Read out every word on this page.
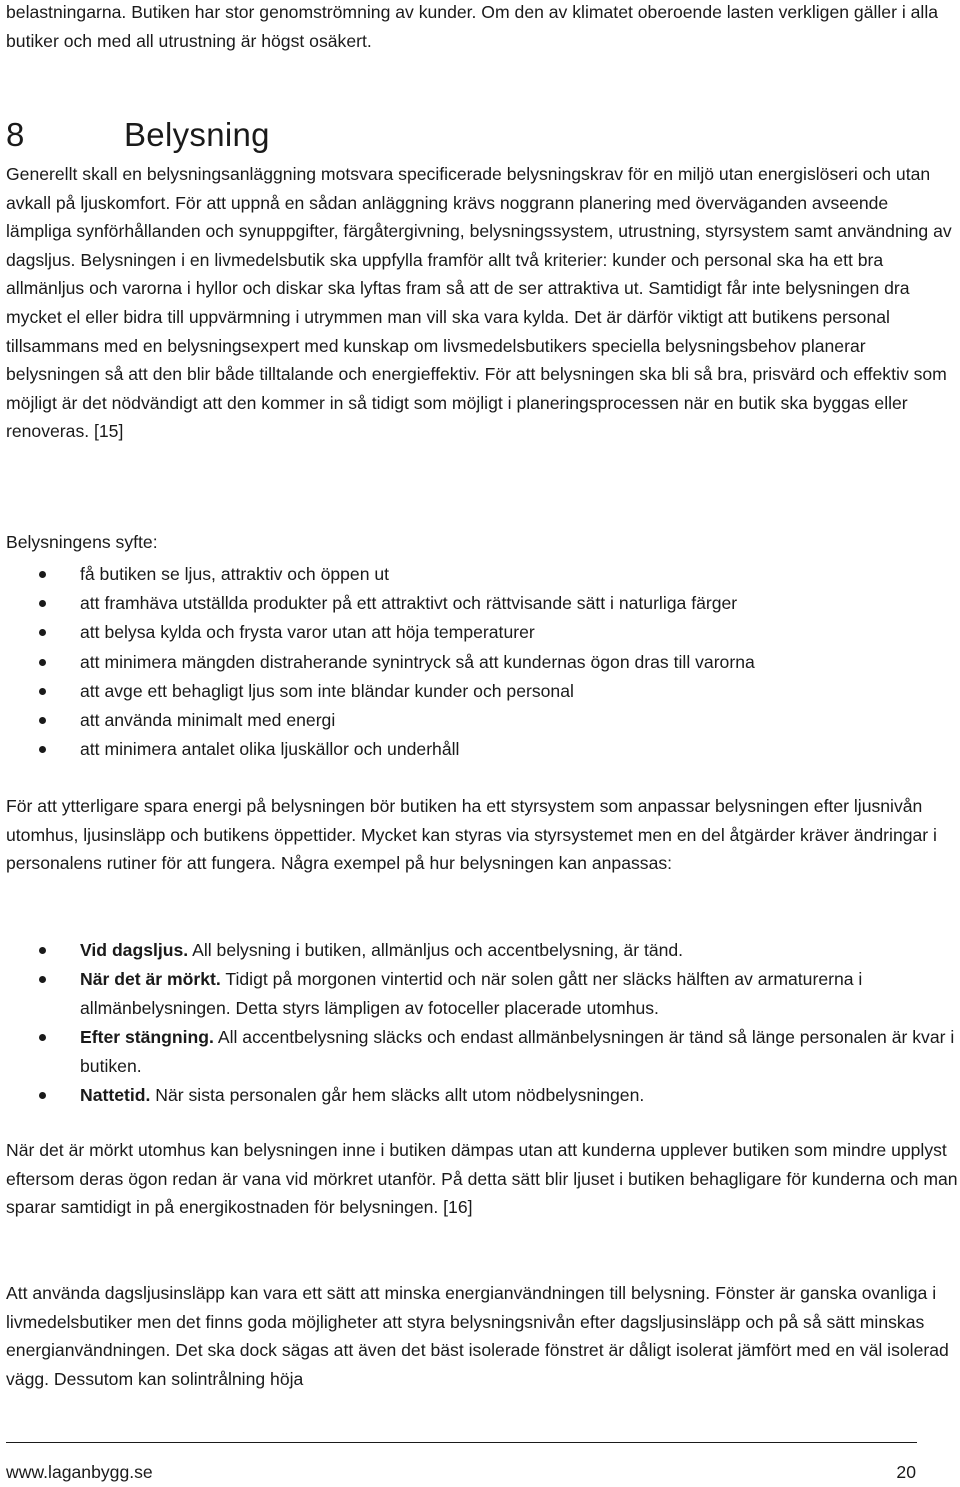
belastningarna. Butiken har stor genomströmning av kunder. Om den av klimatet oberoende lasten verkligen gäller i alla butiker och med all utrustning är högst osäkert.
8	Belysning
Generellt skall en belysningsanläggning motsvara specificerade belysningskrav för en miljö utan energislöseri och utan avkall på ljuskomfort. För att uppnå en sådan anläggning krävs noggrann planering med överväganden avseende lämpliga synförhållanden och synuppgifter, färgåtergivning, belysningssystem, utrustning, styrsystem samt användning av dagsljus. Belysningen i en livmedelsbutik ska uppfylla framför allt två kriterier: kunder och personal ska ha ett bra allmänljus och varorna i hyllor och diskar ska lyftas fram så att de ser attraktiva ut. Samtidigt får inte belysningen dra mycket el eller bidra till uppvärmning i utrymmen man vill ska vara kylda. Det är därför viktigt att butikens personal tillsammans med en belysningsexpert med kunskap om livsmedelsbutikers speciella belysningsbehov planerar belysningen så att den blir både tilltalande och energieffektiv. För att belysningen ska bli så bra, prisvärd och effektiv som möjligt är det nödvändigt att den kommer in så tidigt som möjligt i planeringsprocessen när en butik ska byggas eller renoveras. [15]
Belysningens syfte:
få butiken se ljus, attraktiv och öppen ut
att framhäva utställda produkter på ett attraktivt och rättvisande sätt i naturliga färger
att belysa kylda och frysta varor utan att höja temperaturer
att minimera mängden distraherande synintryck så att kundernas ögon dras till varorna
att avge ett behagligt ljus som inte bländar kunder och personal
att använda minimalt med energi
att minimera antalet olika ljuskällor och underhåll
För att ytterligare spara energi på belysningen bör butiken ha ett styrsystem som anpassar belysningen efter ljusnivån utomhus, ljusinsläpp och butikens öppettider. Mycket kan styras via styrsystemet men en del åtgärder kräver ändringar i personalens rutiner för att fungera. Några exempel på hur belysningen kan anpassas:
Vid dagsljus. All belysning i butiken, allmänljus och accentbelysning, är tänd.
När det är mörkt. Tidigt på morgonen vintertid och när solen gått ner släcks hälften av armaturerna i allmänbelysningen. Detta styrs lämpligen av fotoceller placerade utomhus.
Efter stängning. All accentbelysning släcks och endast allmänbelysningen är tänd så länge personalen är kvar i butiken.
Nattetid. När sista personalen går hem släcks allt utom nödbelysningen.
När det är mörkt utomhus kan belysningen inne i butiken dämpas utan att kunderna upplever butiken som mindre upplyst eftersom deras ögon redan är vana vid mörkret utanför. På detta sätt blir ljuset i butiken behagligare för kunderna och man sparar samtidigt in på energikostnaden för belysningen. [16]
Att använda dagsljusinsläpp kan vara ett sätt att minska energianvändningen till belysning. Fönster är ganska ovanliga i livmedelsbutiker men det finns goda möjligheter att styra belysningsnivån efter dagsljusinsläpp och på så sätt minskas energianvändningen. Det ska dock sägas att även det bäst isolerade fönstret är dåligt isolerat jämfört med en väl isolerad vägg. Dessutom kan solintrålning höja
www.laganbygg.se	20
